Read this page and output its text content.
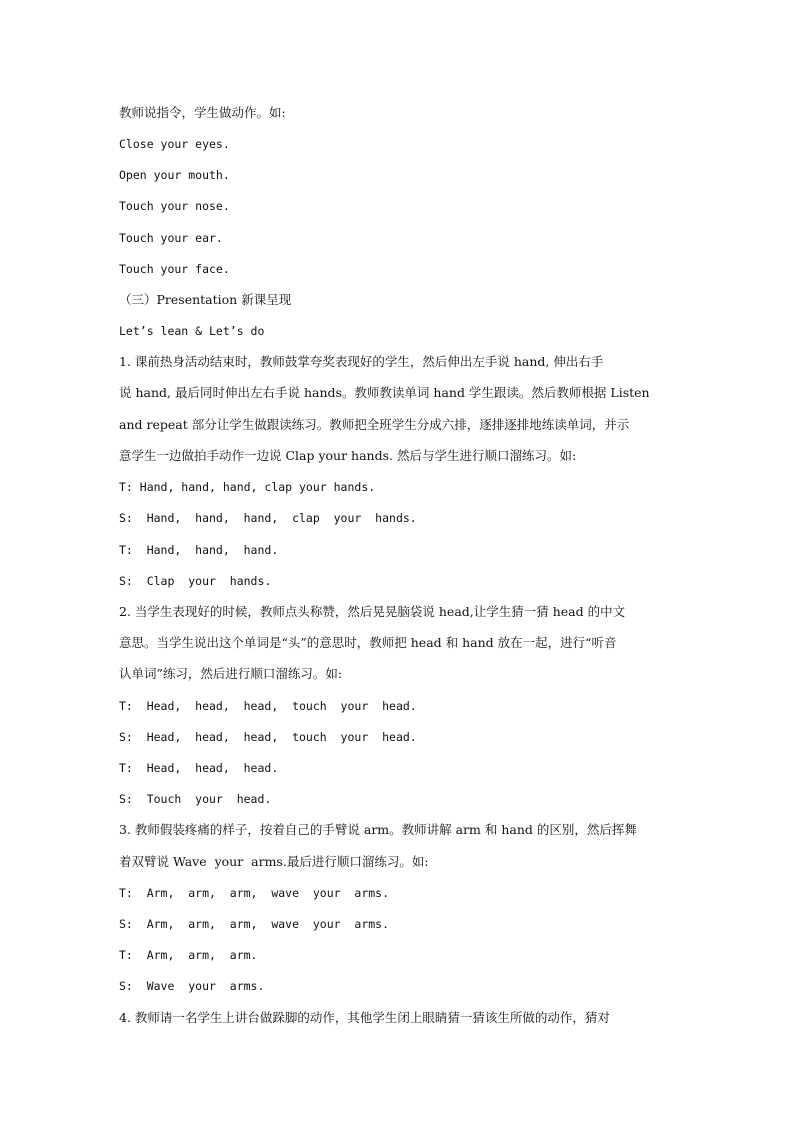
教师说指令，学生做动作。如:
Close your eyes.
Open your mouth.
Touch your nose.
Touch your ear.
Touch your face.
（三）Presentation 新课呈现
Let’s lean & Let’s do
1. 课前热身活动结束时，教师鼓掌夸奖表现好的学生，然后伸出左手说 hand, 伸出右手
说 hand, 最后同时伸出左右手说 hands。教师教读单词 hand 学生跟读。然后教师根据 Listen
and repeat 部分让学生做跟读练习。教师把全班学生分成六排，逐排逐排地练读单词，并示
意学生一边做拍手动作一边说 Clap your hands. 然后与学生进行顺口溜练习。如:
T: Hand, hand, hand, clap your hands.
S:  Hand,  hand,  hand,  clap  your  hands.
T:  Hand,  hand,  hand.
S:  Clap  your  hands.
2. 当学生表现好的时候，教师点头称赞，然后晃晃脑袋说 head,让学生猜一猜 head 的中文
意思。当学生说出这个单词是“头”的意思时，教师把 head 和 hand 放在一起，进行“听音
认单词”练习，然后进行顺口溜练习。如:
T:  Head,  head,  head,  touch  your  head.
S:  Head,  head,  head,  touch  your  head.
T:  Head,  head,  head.
S:  Touch  your  head.
3. 教师假装疼痛的样子，按着自己的手臂说 arm。教师讲解 arm 和 hand 的区别，然后挥舞
着双臂说 Wave  your  arms.最后进行顺口溜练习。如:
T:  Arm,  arm,  arm,  wave  your  arms.
S:  Arm,  arm,  arm,  wave  your  arms.
T:  Arm,  arm,  arm.
S:  Wave  your  arms.
4. 教师请一名学生上讲台做跺脚的动作，其他学生闭上眼睛猜一猜该生所做的动作，猜对
